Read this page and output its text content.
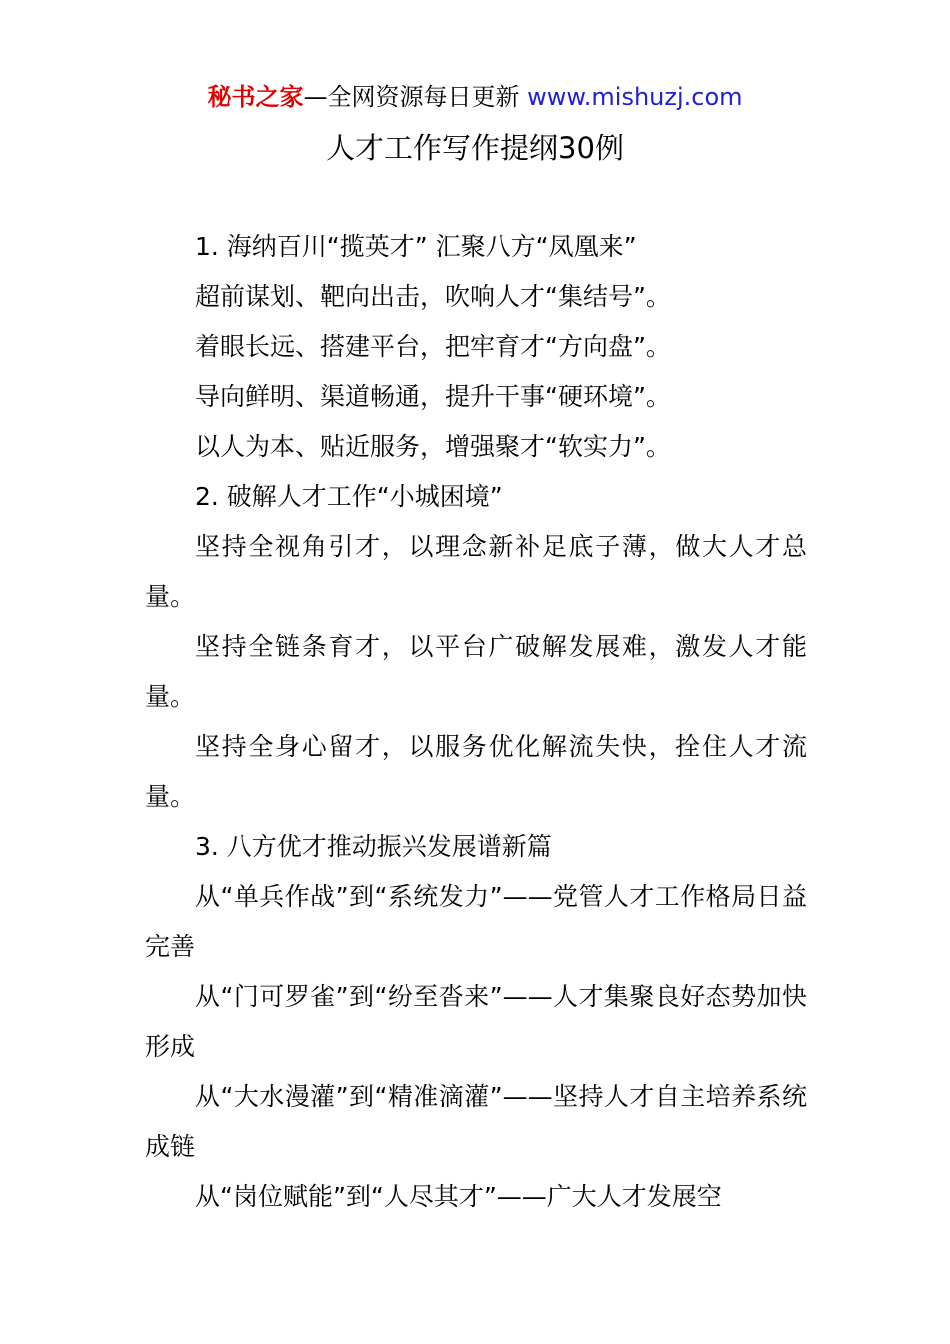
秘书之家—全网资源每日更新 www.mishuzj.com
人才工作写作提纲30例

1. 海纳百川“揽英才” 汇聚八方“凤凰来”

超前谋划、靶向出击，吹响人才“集结号”。

着眼长远、搭建平台，把牢育才“方向盘”。

导向鲜明、渠道畅通，提升干事“硬环境”。

以人为本、贴近服务，增强聚才“软实力”。

2. 破解人才工作“小城困境”

坚持全视角引才，以理念新补足底子薄，做大人才总量。

坚持全链条育才，以平台广破解发展难，激发人才能量。

坚持全身心留才，以服务优化解流失快，拴住人才流量。

3. 八方优才推动振兴发展谱新篇

从“单兵作战”到“系统发力”——党管人才工作格局日益完善

从“门可罗雀”到“纷至沓来”——人才集聚良好态势加快形成

从“大水漫灌”到“精准滴灌”——坚持人才自主培养系统成链

从“岗位赋能”到“人尽其才”——广大人才发展空
